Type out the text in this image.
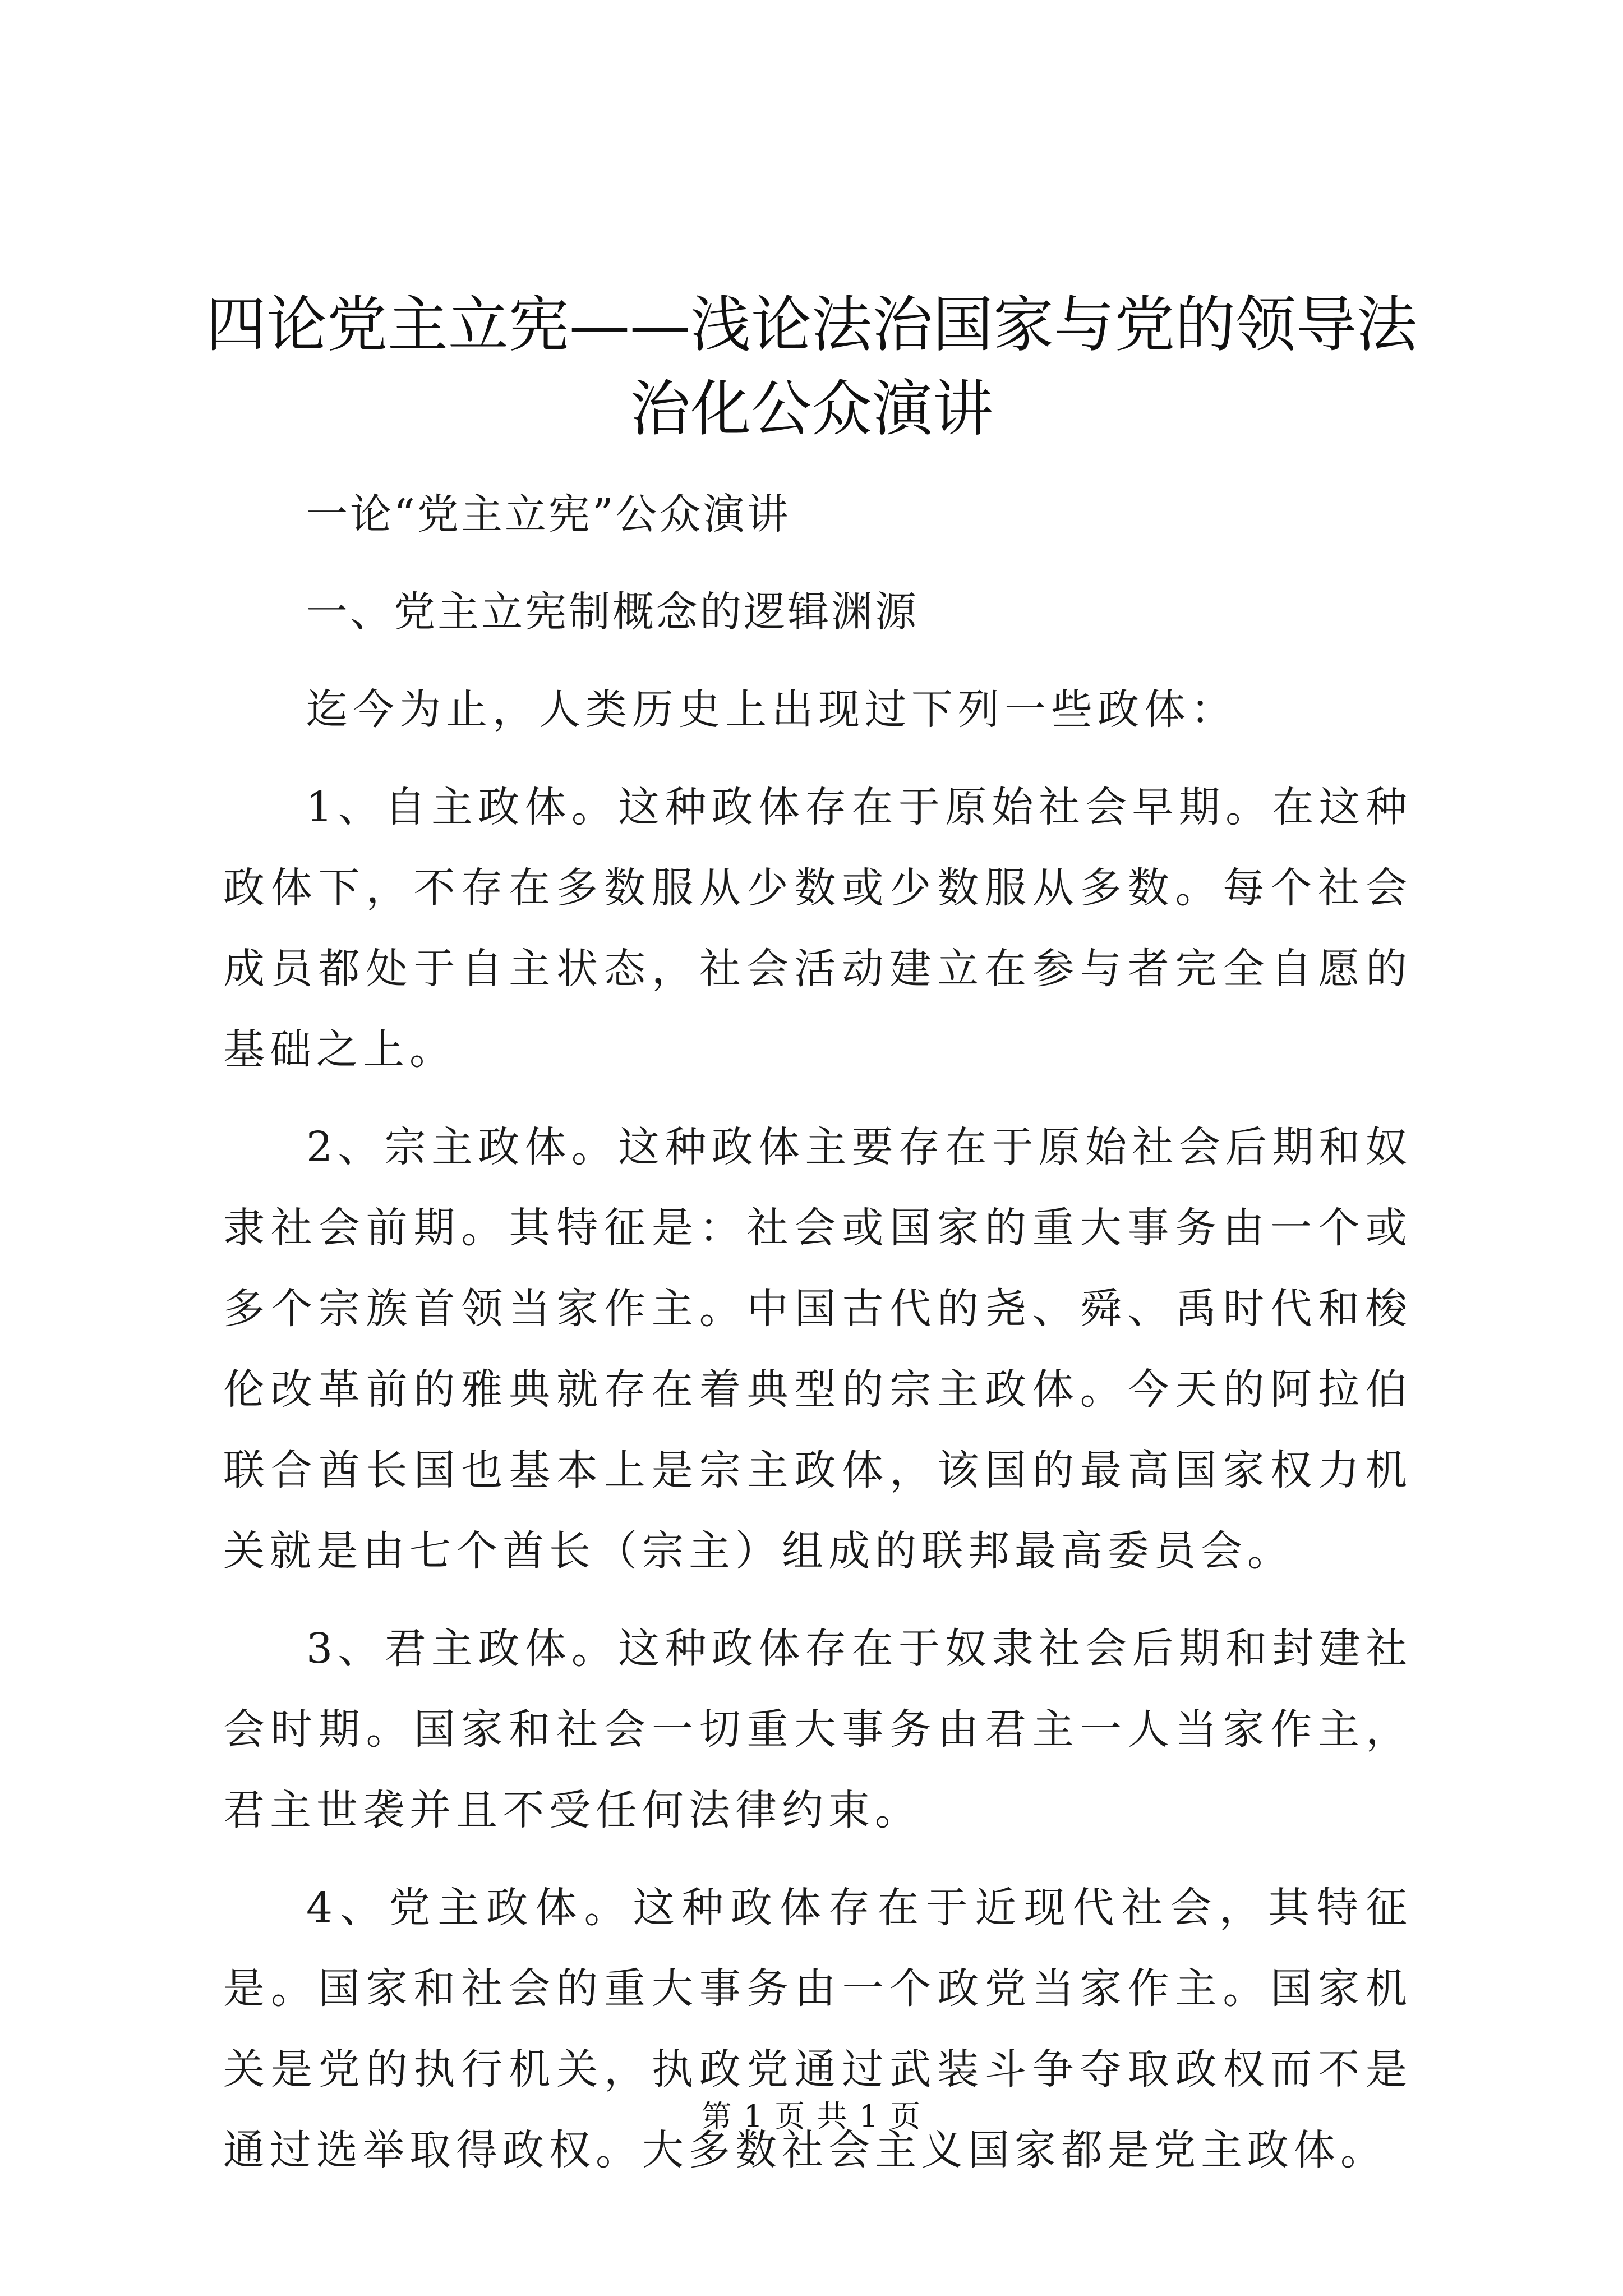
四论党主立宪——浅论法治国家与党的领导法
治化公众演讲

一论“党主立宪”公众演讲

一、党主立宪制概念的逻辑渊源

迄今为止，人类历史上出现过下列一些政体：

1、自主政体。这种政体存在于原始社会早期。在这种政体下，不存在多数服从少数或少数服从多数。每个社会成员都处于自主状态，社会活动建立在参与者完全自愿的基础之上。

2、宗主政体。这种政体主要存在于原始社会后期和奴隶社会前期。其特征是：社会或国家的重大事务由一个或多个宗族首领当家作主。中国古代的尧、舜、禹时代和梭伦改革前的雅典就存在着典型的宗主政体。今天的阿拉伯联合酋长国也基本上是宗主政体，该国的最高国家权力机关就是由七个酋长（宗主）组成的联邦最高委员会。

3、君主政体。这种政体存在于奴隶社会后期和封建社会时期。国家和社会一切重大事务由君主一人当家作主，君主世袭并且不受任何法律约束。

4、党主政体。这种政体存在于近现代社会，其特征是。国家和社会的重大事务由一个政党当家作主。国家机关是党的执行机关，执政党通过武装斗争夺取政权而不是通过选举取得政权。大多数社会主义国家都是党主政体。

第 1 页 共 1 页
